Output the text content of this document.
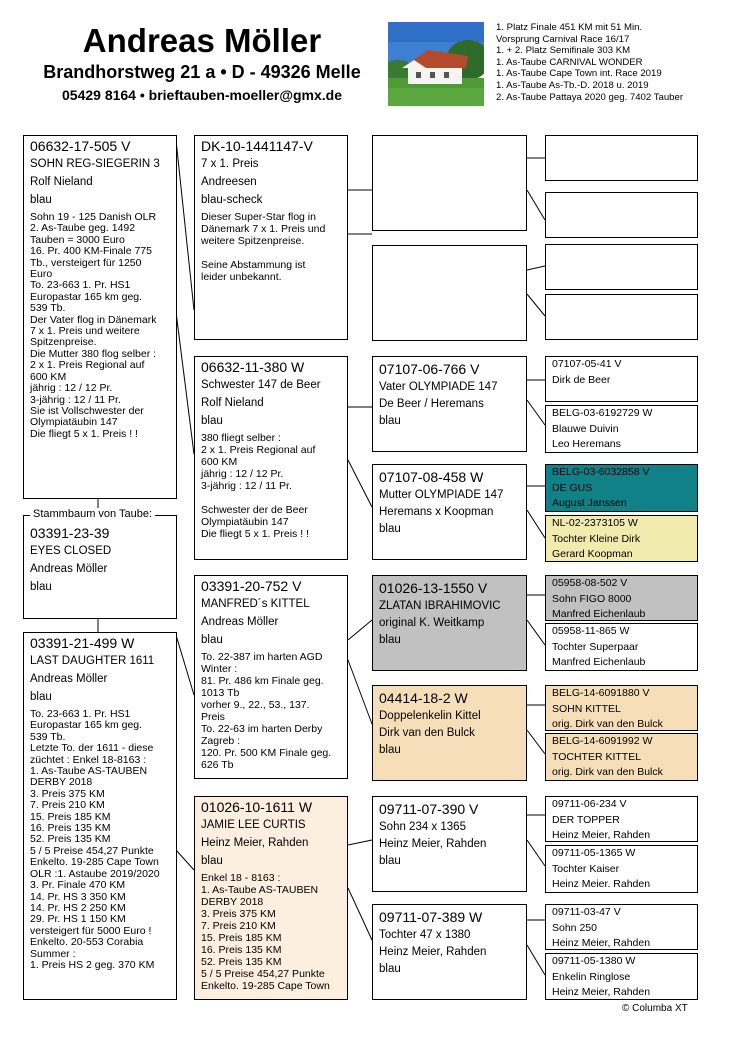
Andreas Möller
Brandhorstweg 21 a • D - 49326 Melle
05429 8164 • brieftauben-moeller@gmx.de
1. Platz Finale 451 KM mit 51 Min.
Vorsprung Carnival Race 16/17
1. + 2. Platz Semifinale 303 KM
1. As-Taube CARNIVAL WONDER
1. As-Taube Cape Town int. Race 2019
1. As-Taube As-Tb.-D. 2018 u. 2019
2. As-Taube Pattaya 2020 geg. 7402 Tauber
06632-17-505 V
SOHN REG-SIEGERIN 3
Rolf Nieland
blau
Sohn 19 - 125 Danish OLR
2. As-Taube geg. 1492
Tauben = 3000 Euro
16. Pr. 400 KM-Finale 775
Tb., versteigert für 1250
Euro
To. 23-663 1. Pr. HS1
Europastar 165 km geg.
539 Tb.
Der Vater flog in Dänemark
7 x 1. Preis und weitere
Spitzenpreise.
Die Mutter 380 flog selber :
2 x 1. Preis Regional auf
600 KM
jährig : 12 / 12 Pr.
3-jährig : 12 / 11 Pr.
Sie ist Vollschwester der
Olympiatäubin 147
Die fliegt 5 x 1. Preis ! !
03391-23-39
EYES CLOSED
Andreas Möller
blau
Stammbaum von Taube:
03391-21-499 W
LAST DAUGHTER 1611
Andreas Möller
blau
To. 23-663 1. Pr. HS1
Europastar 165 km geg.
539 Tb.
Letzte To. der 1611 - diese
züchtet : Enkel 18-8163 :
1. As-Taube AS-TAUBEN
DERBY 2018
3. Preis 375 KM
7. Preis 210 KM
15. Preis 185 KM
16. Preis 135 KM
52. Preis 135 KM
5 / 5 Preise 454,27 Punkte
Enkelto. 19-285 Cape Town
OLR :1. Astaube 2019/2020
3. Pr. Finale 470 KM
14. Pr. HS 3 350 KM
14. Pr. HS 2 250 KM
29. Pr. HS 1 150 KM
versteigert für 5000 Euro !
Enkelto. 20-553 Corabia
Summer :
1. Preis HS 2 geg. 370 KM
DK-10-1441147-V
7 x 1. Preis
Andreesen
blau-scheck
Dieser Super-Star flog in
Dänemark 7 x 1. Preis und
weitere Spitzenpreise.

Seine Abstammung ist
leider unbekannt.
06632-11-380 W
Schwester 147 de Beer
Rolf Nieland
blau
380 fliegt selber :
2 x 1. Preis Regional auf
600 KM
jährig : 12 / 12 Pr.
3-jährig : 12 / 11 Pr.

Schwester der de Beer
Olympiatäubin 147
Die fliegt 5 x 1. Preis ! !
03391-20-752 V
MANFRED´s KITTEL
Andreas Möller
blau
To. 22-387 im harten AGD
Winter :
81. Pr. 486 km Finale geg.
1013 Tb
vorher 9., 22., 53., 137.
Preis
To. 22-63 im harten Derby
Zagreb :
120. Pr. 500 KM Finale geg.
626 Tb
01026-10-1611 W
JAMIE LEE CURTIS
Heinz Meier, Rahden
blau
Enkel 18 - 8163 :
1. As-Taube AS-TAUBEN
DERBY 2018
3. Preis 375 KM
7. Preis 210 KM
15. Preis 185 KM
16. Preis 135 KM
52. Preis 135 KM
5 / 5 Preise 454,27 Punkte
Enkelto. 19-285 Cape Town
07107-06-766 V
Vater OLYMPIADE 147
De Beer / Heremans
blau
07107-08-458 W
Mutter OLYMPIADE 147
Heremans x Koopman
blau
01026-13-1550 V
ZLATAN IBRAHIMOVIC
original K. Weitkamp
blau
04414-18-2 W
Doppelenkelin Kittel
Dirk van den Bulck
blau
09711-07-390 V
Sohn 234 x 1365
Heinz Meier, Rahden
blau
09711-07-389 W
Tochter 47 x 1380
Heinz Meier, Rahden
blau
07107-05-41 V
Dirk de Beer
BELG-03-6192729 W
Blauwe Duivin
Leo Heremans
BELG-03-6032858 V
DE GUS
August Janssen
NL-02-2373105 W
Tochter Kleine Dirk
Gerard Koopman
05958-08-502 V
Sohn FIGO 8000
Manfred Eichenlaub
05958-11-865 W
Tochter Superpaar
Manfred Eichenlaub
BELG-14-6091880 V
SOHN KITTEL
orig. Dirk van den Bulck
BELG-14-6091992 W
TOCHTER KITTEL
orig. Dirk van den Bulck
09711-06-234 V
DER TOPPER
Heinz Meier, Rahden
09711-05-1365 W
Tochter Kaiser
Heinz Meier. Rahden
09711-03-47 V
Sohn 250
Heinz Meier, Rahden
09711-05-1380 W
Enkelin Ringlose
Heinz Meier, Rahden
© Columba XT
